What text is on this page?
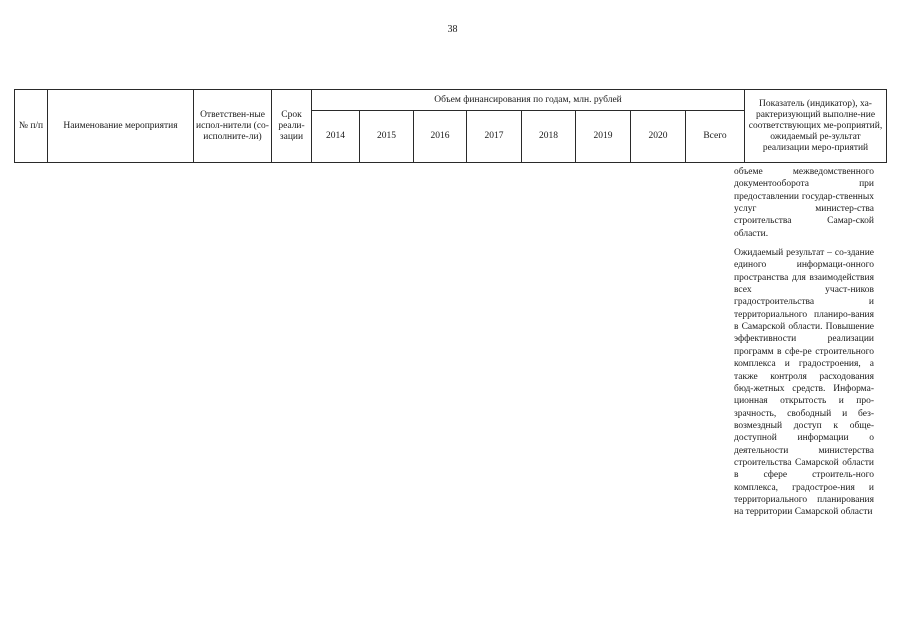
38
№ п/п	Наименование мероприятия	Ответствен-ные испол-нители (со-исполните-ли)	Срок реали-зации	Объем финансирования по годам, млн. рублей								Показатель (индикатор), ха-рактеризующий выполне-ние соответствующих ме-роприятий, ожидаемый ре-зультат реализации меро-приятий
				2014	2015	2016	2017	2018	2019	2020	Всего	

объеме межведомственного документооборота при предоставлении государ-ственных услуг министер-ства строительства Самар-ской области.

Ожидаемый результат – со-здание единого информаци-онного пространства для взаимодействия всех участ-ников градостроительства и территориального планиро-вания в Самарской области. Повышение эффективности реализации программ в сфе-ре строительного комплекса и градостроения, а также контроля расходования бюд-жетных средств. Информа-ционная открытость и про-зрачность, свободный и без-возмездный доступ к обще-доступной информации о деятельности министерства строительства Самарской области в сфере строитель-ного комплекса, градострое-ния и территориального планирования на территории Самарской области
